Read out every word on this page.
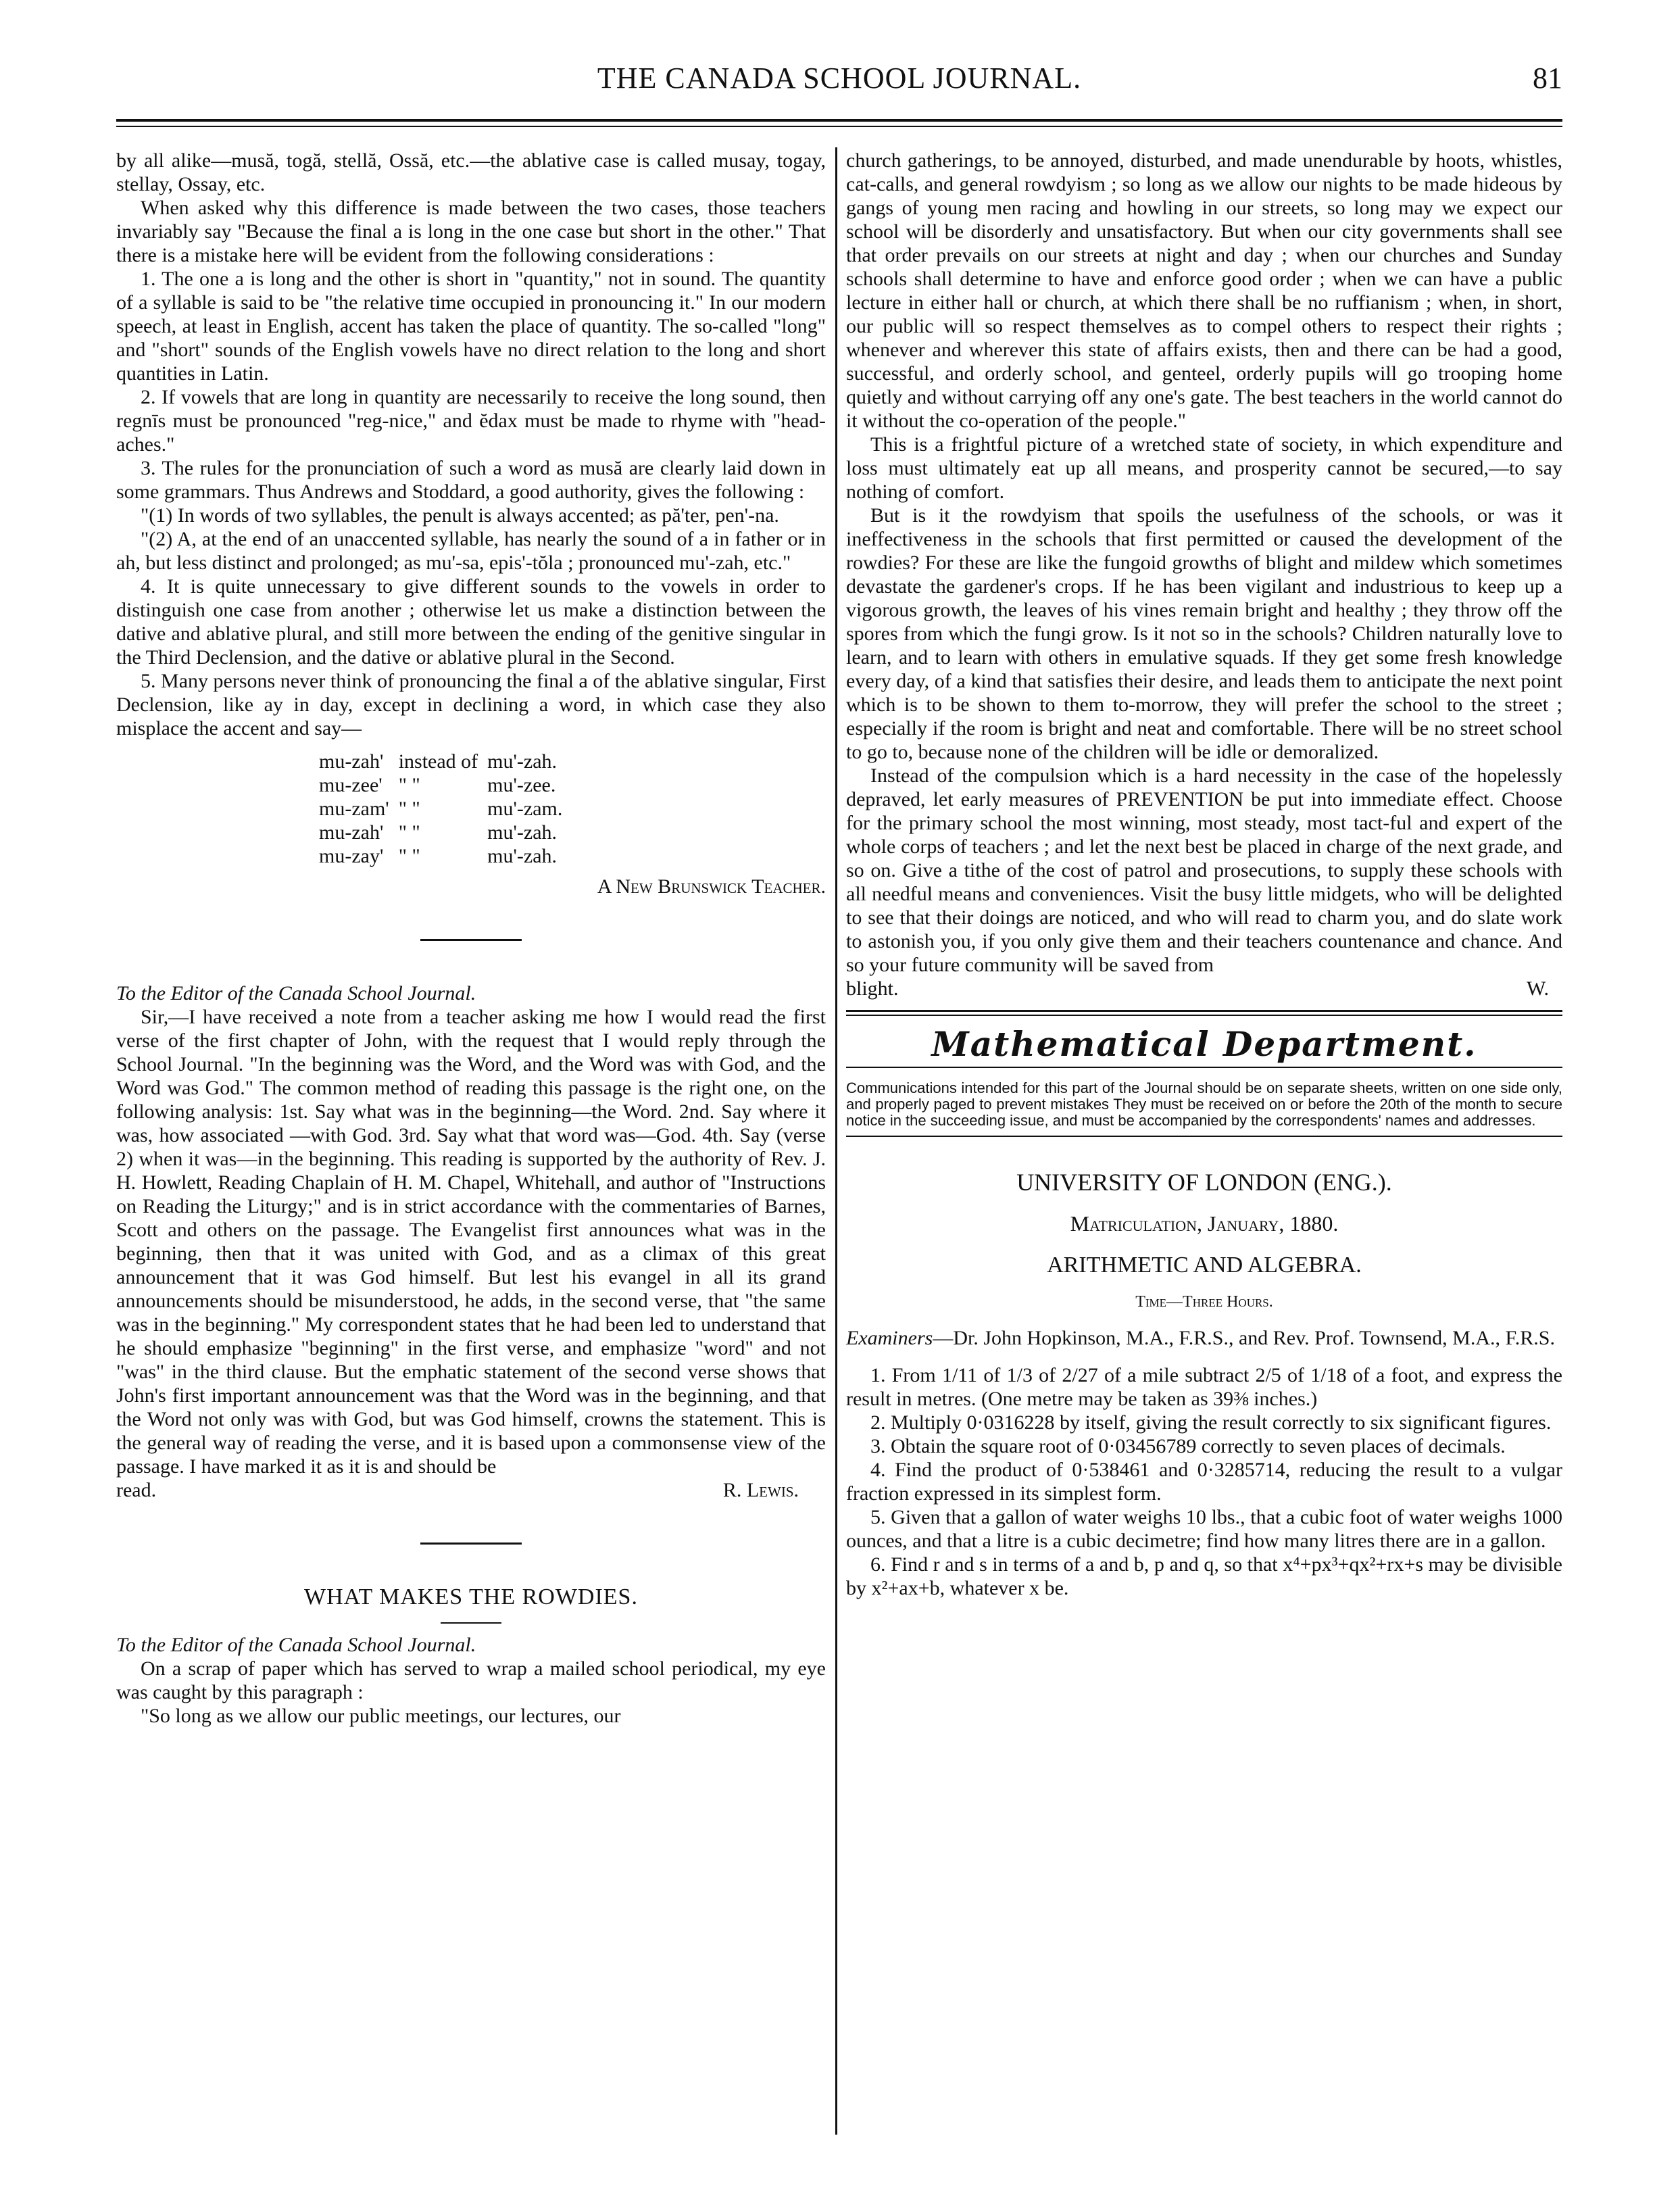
THE CANADA SCHOOL JOURNAL.	81

by all alike—musă, togă, stellă, Ossă, etc.—the ablative case is called musay, togay, stellay, Ossay, etc.

When asked why this difference is made between the two cases, those teachers invariably say "Because the final a is long in the one case but short in the other." That there is a mistake here will be evident from the following considerations :

1. The one a is long and the other is short in "quantity," not in sound. The quantity of a syllable is said to be "the relative time occupied in pronouncing it." In our modern speech, at least in English, accent has taken the place of quantity. The so-called "long" and "short" sounds of the English vowels have no direct relation to the long and short quantities in Latin.

2. If vowels that are long in quantity are necessarily to receive the long sound, then regnīs must be pronounced "reg-nice," and ĕdax must be made to rhyme with "head-aches."

3. The rules for the pronunciation of such a word as musă are clearly laid down in some grammars. Thus Andrews and Stoddard, a good authority, gives the following :

"(1) In words of two syllables, the penult is always accented; as pă'ter, pen'-na.

"(2) A, at the end of an unaccented syllable, has nearly the sound of a in father or in ah, but less distinct and prolonged; as mu'-sa, epis'-tŏla ; pronounced mu'-zah, etc."

4. It is quite unnecessary to give different sounds to the vowels in order to distinguish one case from another ; otherwise let us make a distinction between the dative and ablative plural, and still more between the ending of the genitive singular in the Third Declension, and the dative or ablative plural in the Second.

5. Many persons never think of pronouncing the final a of the ablative singular, First Declension, like ay in day, except in declining a word, in which case they also misplace the accent and say—

mu-zah'	instead of	mu'-zah.
mu-zee'	" "	mu'-zee.
mu-zam'	" "	mu'-zam.
mu-zah'	" "	mu'-zah.
mu-zay'	" "	mu'-zah.
A New Brunswick Teacher.

To the Editor of the Canada School Journal.

Sir,—I have received a note from a teacher asking me how I would read the first verse of the first chapter of John, with the request that I would reply through the School Journal. "In the beginning was the Word, and the Word was with God, and the Word was God." The common method of reading this passage is the right one, on the following analysis: 1st. Say what was in the beginning—the Word. 2nd. Say where it was, how associated —with God. 3rd. Say what that word was—God. 4th. Say (verse 2) when it was—in the beginning. This reading is supported by the authority of Rev. J. H. Howlett, Reading Chaplain of H. M. Chapel, Whitehall, and author of "Instructions on Reading the Liturgy;" and is in strict accordance with the commentaries of Barnes, Scott and others on the passage. The Evangelist first announces what was in the beginning, then that it was united with God, and as a climax of this great announcement that it was God himself. But lest his evangel in all its grand announcements should be misunderstood, he adds, in the second verse, that "the same was in the beginning." My correspondent states that he had been led to understand that he should emphasize "beginning" in the first verse, and emphasize "word" and not "was" in the third clause. But the emphatic statement of the second verse shows that John's first important announcement was that the Word was in the beginning, and that the Word not only was with God, but was God himself, crowns the statement. This is the general way of reading the verse, and it is based upon a commonsense view of the passage. I have marked it as it is and should be

read.	R. Lewis.
WHAT MAKES THE ROWDIES.

To the Editor of the Canada School Journal.

On a scrap of paper which has served to wrap a mailed school periodical, my eye was caught by this paragraph :

"So long as we allow our public meetings, our lectures, our

church gatherings, to be annoyed, disturbed, and made unendurable by hoots, whistles, cat-calls, and general rowdyism ; so long as we allow our nights to be made hideous by gangs of young men racing and howling in our streets, so long may we expect our school will be disorderly and unsatisfactory. But when our city governments shall see that order prevails on our streets at night and day ; when our churches and Sunday schools shall determine to have and enforce good order ; when we can have a public lecture in either hall or church, at which there shall be no ruffianism ; when, in short, our public will so respect themselves as to compel others to respect their rights ; whenever and wherever this state of affairs exists, then and there can be had a good, successful, and orderly school, and genteel, orderly pupils will go trooping home quietly and without carrying off any one's gate. The best teachers in the world cannot do it without the co-operation of the people."

This is a frightful picture of a wretched state of society, in which expenditure and loss must ultimately eat up all means, and prosperity cannot be secured,—to say nothing of comfort.

But is it the rowdyism that spoils the usefulness of the schools, or was it ineffectiveness in the schools that first permitted or caused the development of the rowdies? For these are like the fungoid growths of blight and mildew which sometimes devastate the gardener's crops. If he has been vigilant and industrious to keep up a vigorous growth, the leaves of his vines remain bright and healthy ; they throw off the spores from which the fungi grow. Is it not so in the schools? Children naturally love to learn, and to learn with others in emulative squads. If they get some fresh knowledge every day, of a kind that satisfies their desire, and leads them to anticipate the next point which is to be shown to them to-morrow, they will prefer the school to the street ; especially if the room is bright and neat and comfortable. There will be no street school to go to, because none of the children will be idle or demoralized.

Instead of the compulsion which is a hard necessity in the case of the hopelessly depraved, let early measures of PREVENTION be put into immediate effect. Choose for the primary school the most winning, most steady, most tact-ful and expert of the whole corps of teachers ; and let the next best be placed in charge of the next grade, and so on. Give a tithe of the cost of patrol and prosecutions, to supply these schools with all needful means and conveniences. Visit the busy little midgets, who will be delighted to see that their doings are noticed, and who will read to charm you, and do slate work to astonish you, if you only give them and their teachers countenance and chance. And so your future community will be saved from

blight.	W.
Mathematical Department.
Communications intended for this part of the Journal should be on separate sheets, written on one side only, and properly paged to prevent mistakes They must be received on or before the 20th of the month to secure notice in the succeeding issue, and must be accompanied by the correspondents' names and addresses.
UNIVERSITY OF LONDON (ENG.).
Matriculation, January, 1880.
ARITHMETIC AND ALGEBRA.
Time—Three Hours.

Examiners—Dr. John Hopkinson, M.A., F.R.S., and Rev. Prof. Townsend, M.A., F.R.S.

1. From 1/11 of 1/3 of 2/27 of a mile subtract 2/5 of 1/18 of a foot, and express the result in metres. (One metre may be taken as 39⅜ inches.)

2. Multiply 0·0316228 by itself, giving the result correctly to six significant figures.

3. Obtain the square root of 0·03456789 correctly to seven places of decimals.

4. Find the product of 0·538461 and 0·3285714, reducing the result to a vulgar fraction expressed in its simplest form.

5. Given that a gallon of water weighs 10 lbs., that a cubic foot of water weighs 1000 ounces, and that a litre is a cubic decimetre; find how many litres there are in a gallon.

6. Find r and s in terms of a and b, p and q, so that x⁴+px³+qx²+rx+s may be divisible by x²+ax+b, whatever x be.
